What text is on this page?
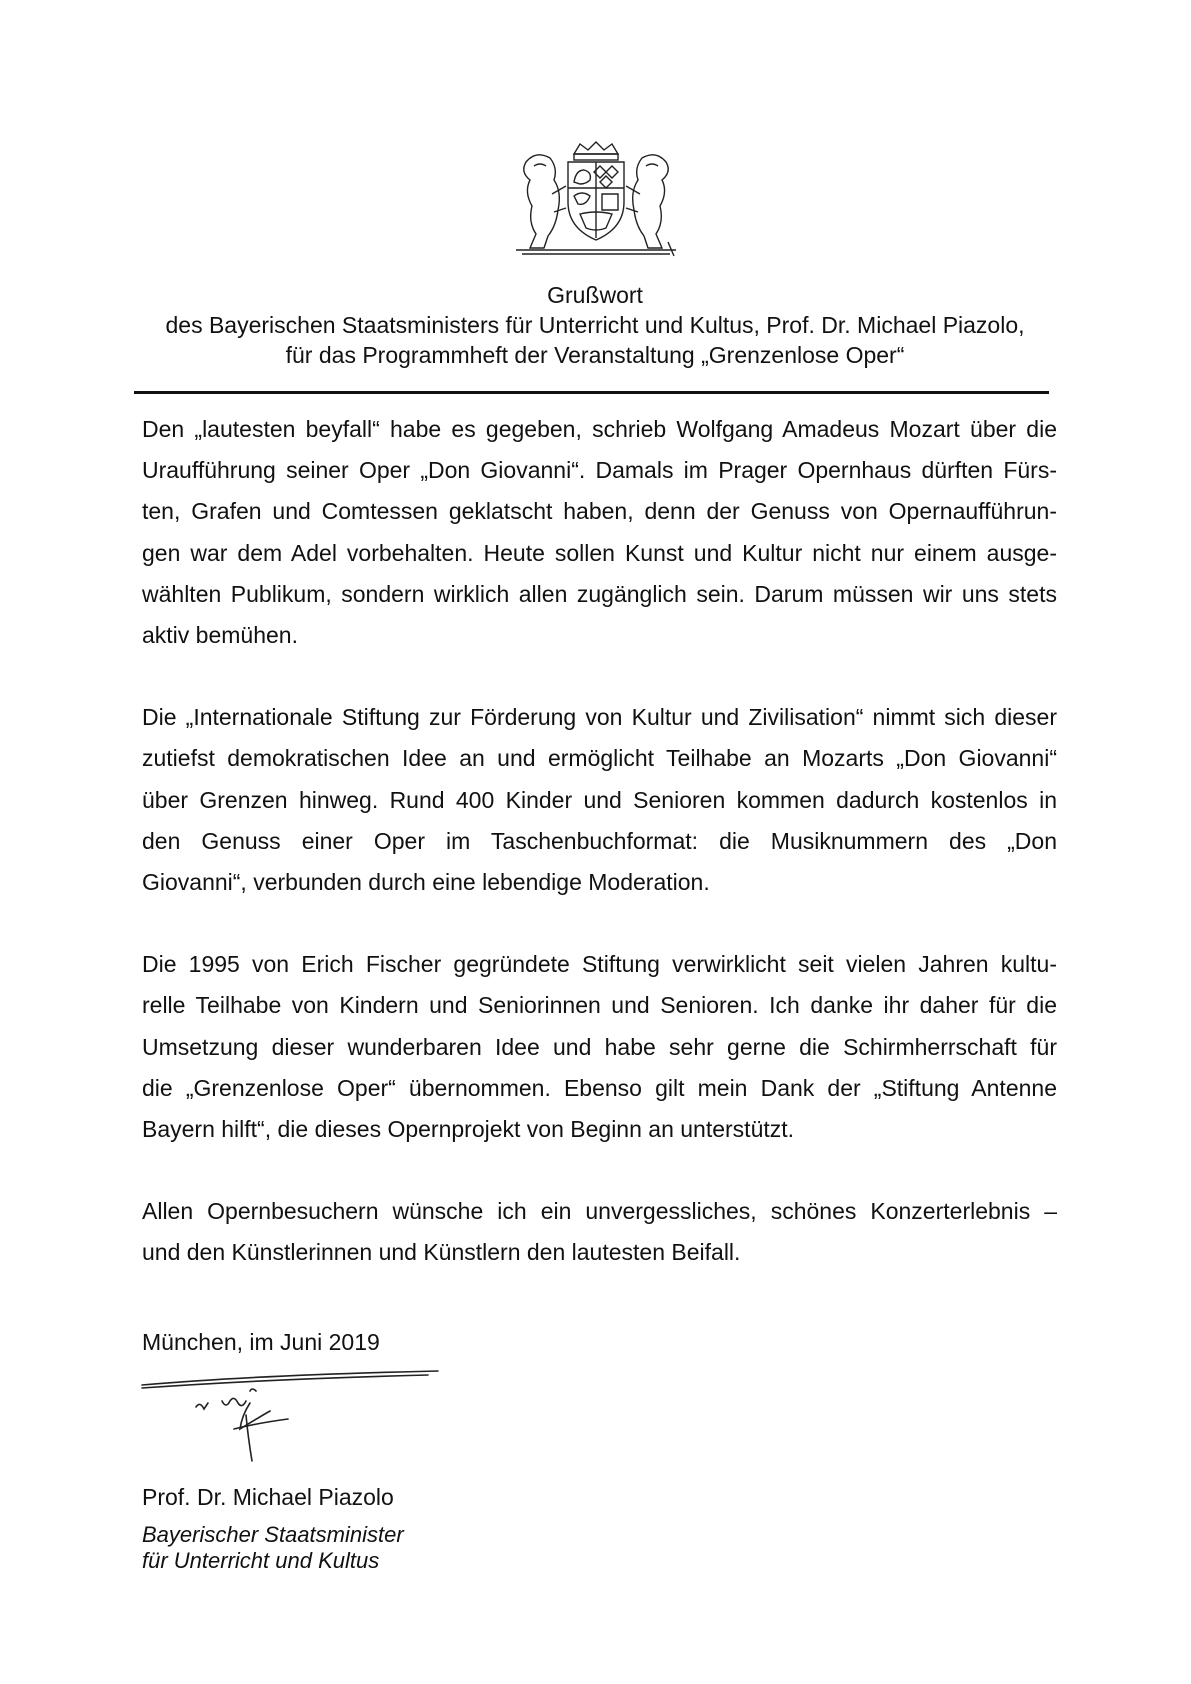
Grußwort
des Bayerischen Staatsministers für Unterricht und Kultus, Prof. Dr. Michael Piazolo,
für das Programmheft der Veranstaltung „Grenzenlose Oper“
Den „lautesten beyfall“ habe es gegeben, schrieb Wolfgang Amadeus Mozart über die
Uraufführung seiner Oper „Don Giovanni“. Damals im Prager Opernhaus dürften Fürs-
ten, Grafen und Comtessen geklatscht haben, denn der Genuss von Opernaufführun-
gen war dem Adel vorbehalten. Heute sollen Kunst und Kultur nicht nur einem ausge-
wählten Publikum, sondern wirklich allen zugänglich sein. Darum müssen wir uns stets
aktiv bemühen.
Die „Internationale Stiftung zur Förderung von Kultur und Zivilisation“ nimmt sich dieser
zutiefst demokratischen Idee an und ermöglicht Teilhabe an Mozarts „Don Giovanni“
über Grenzen hinweg. Rund 400 Kinder und Senioren kommen dadurch kostenlos in
den Genuss einer Oper im Taschenbuchformat: die Musiknummern des „Don
Giovanni“, verbunden durch eine lebendige Moderation.
Die 1995 von Erich Fischer gegründete Stiftung verwirklicht seit vielen Jahren kultu-
relle Teilhabe von Kindern und Seniorinnen und Senioren. Ich danke ihr daher für die
Umsetzung dieser wunderbaren Idee und habe sehr gerne die Schirmherrschaft für
die „Grenzenlose Oper“ übernommen. Ebenso gilt mein Dank der „Stiftung Antenne
Bayern hilft“, die dieses Opernprojekt von Beginn an unterstützt.
Allen Opernbesuchern wünsche ich ein unvergessliches, schönes Konzerterlebnis –
und den Künstlerinnen und Künstlern den lautesten Beifall.
München, im Juni 2019
Prof. Dr. Michael Piazolo
Bayerischer Staatsminister
für Unterricht und Kultus
